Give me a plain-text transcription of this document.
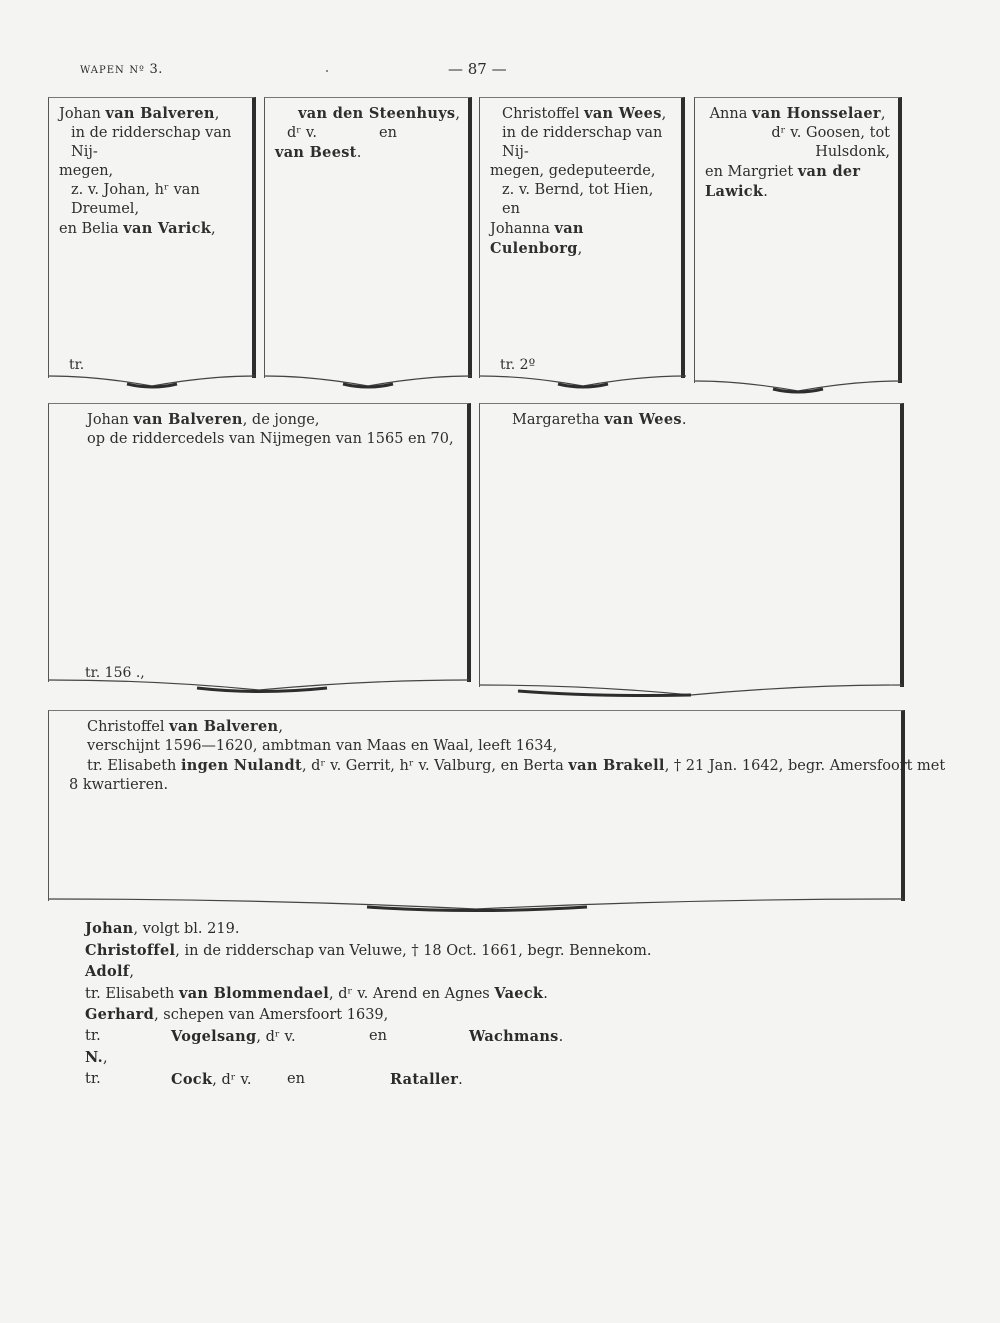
WAPEN Nº 3.	— 87 —
Johan van Balveren,
in de ridderschap van Nij-
megen,
z. v. Johan, hʳ van Dreumel,
en Belia van Varick,
tr.
van den Steenhuys,
dʳ v.	en
van Beest.
Christoffel van Wees,
in de ridderschap van Nij-
megen, gedeputeerde,
z. v. Bernd, tot Hien, en
Johanna van Culenborg,
tr. 2º
Anna van Honsselaer,
dʳ v. Goosen, tot Hulsdonk,
en Margriet van der Lawick.
Johan van Balveren, de jonge,
op de riddercedels van Nijmegen van 1565 en 70,
tr. 156 .,
Margaretha van Wees.
Christoffel van Balveren,
verschijnt 1596—1620, ambtman van Maas en Waal, leeft 1634,
tr. Elisabeth ingen Nulandt, dʳ v. Gerrit, hʳ v. Valburg, en Berta van Brakell, † 21 Jan. 1642, begr. Amersfoort met
8 kwartieren.
Johan, volgt bl. 219.
Christoffel, in de ridderschap van Veluwe, † 18 Oct. 1661, begr. Bennekom.
Adolf,
tr. Elisabeth van Blommendael, dʳ v. Arend en Agnes Vaeck.
Gerhard, schepen van Amersfoort 1639,
tr.	Vogelsang, dʳ v.	en	Wachmans.
N.,
tr.	Cock, dʳ v. en	Rataller.
